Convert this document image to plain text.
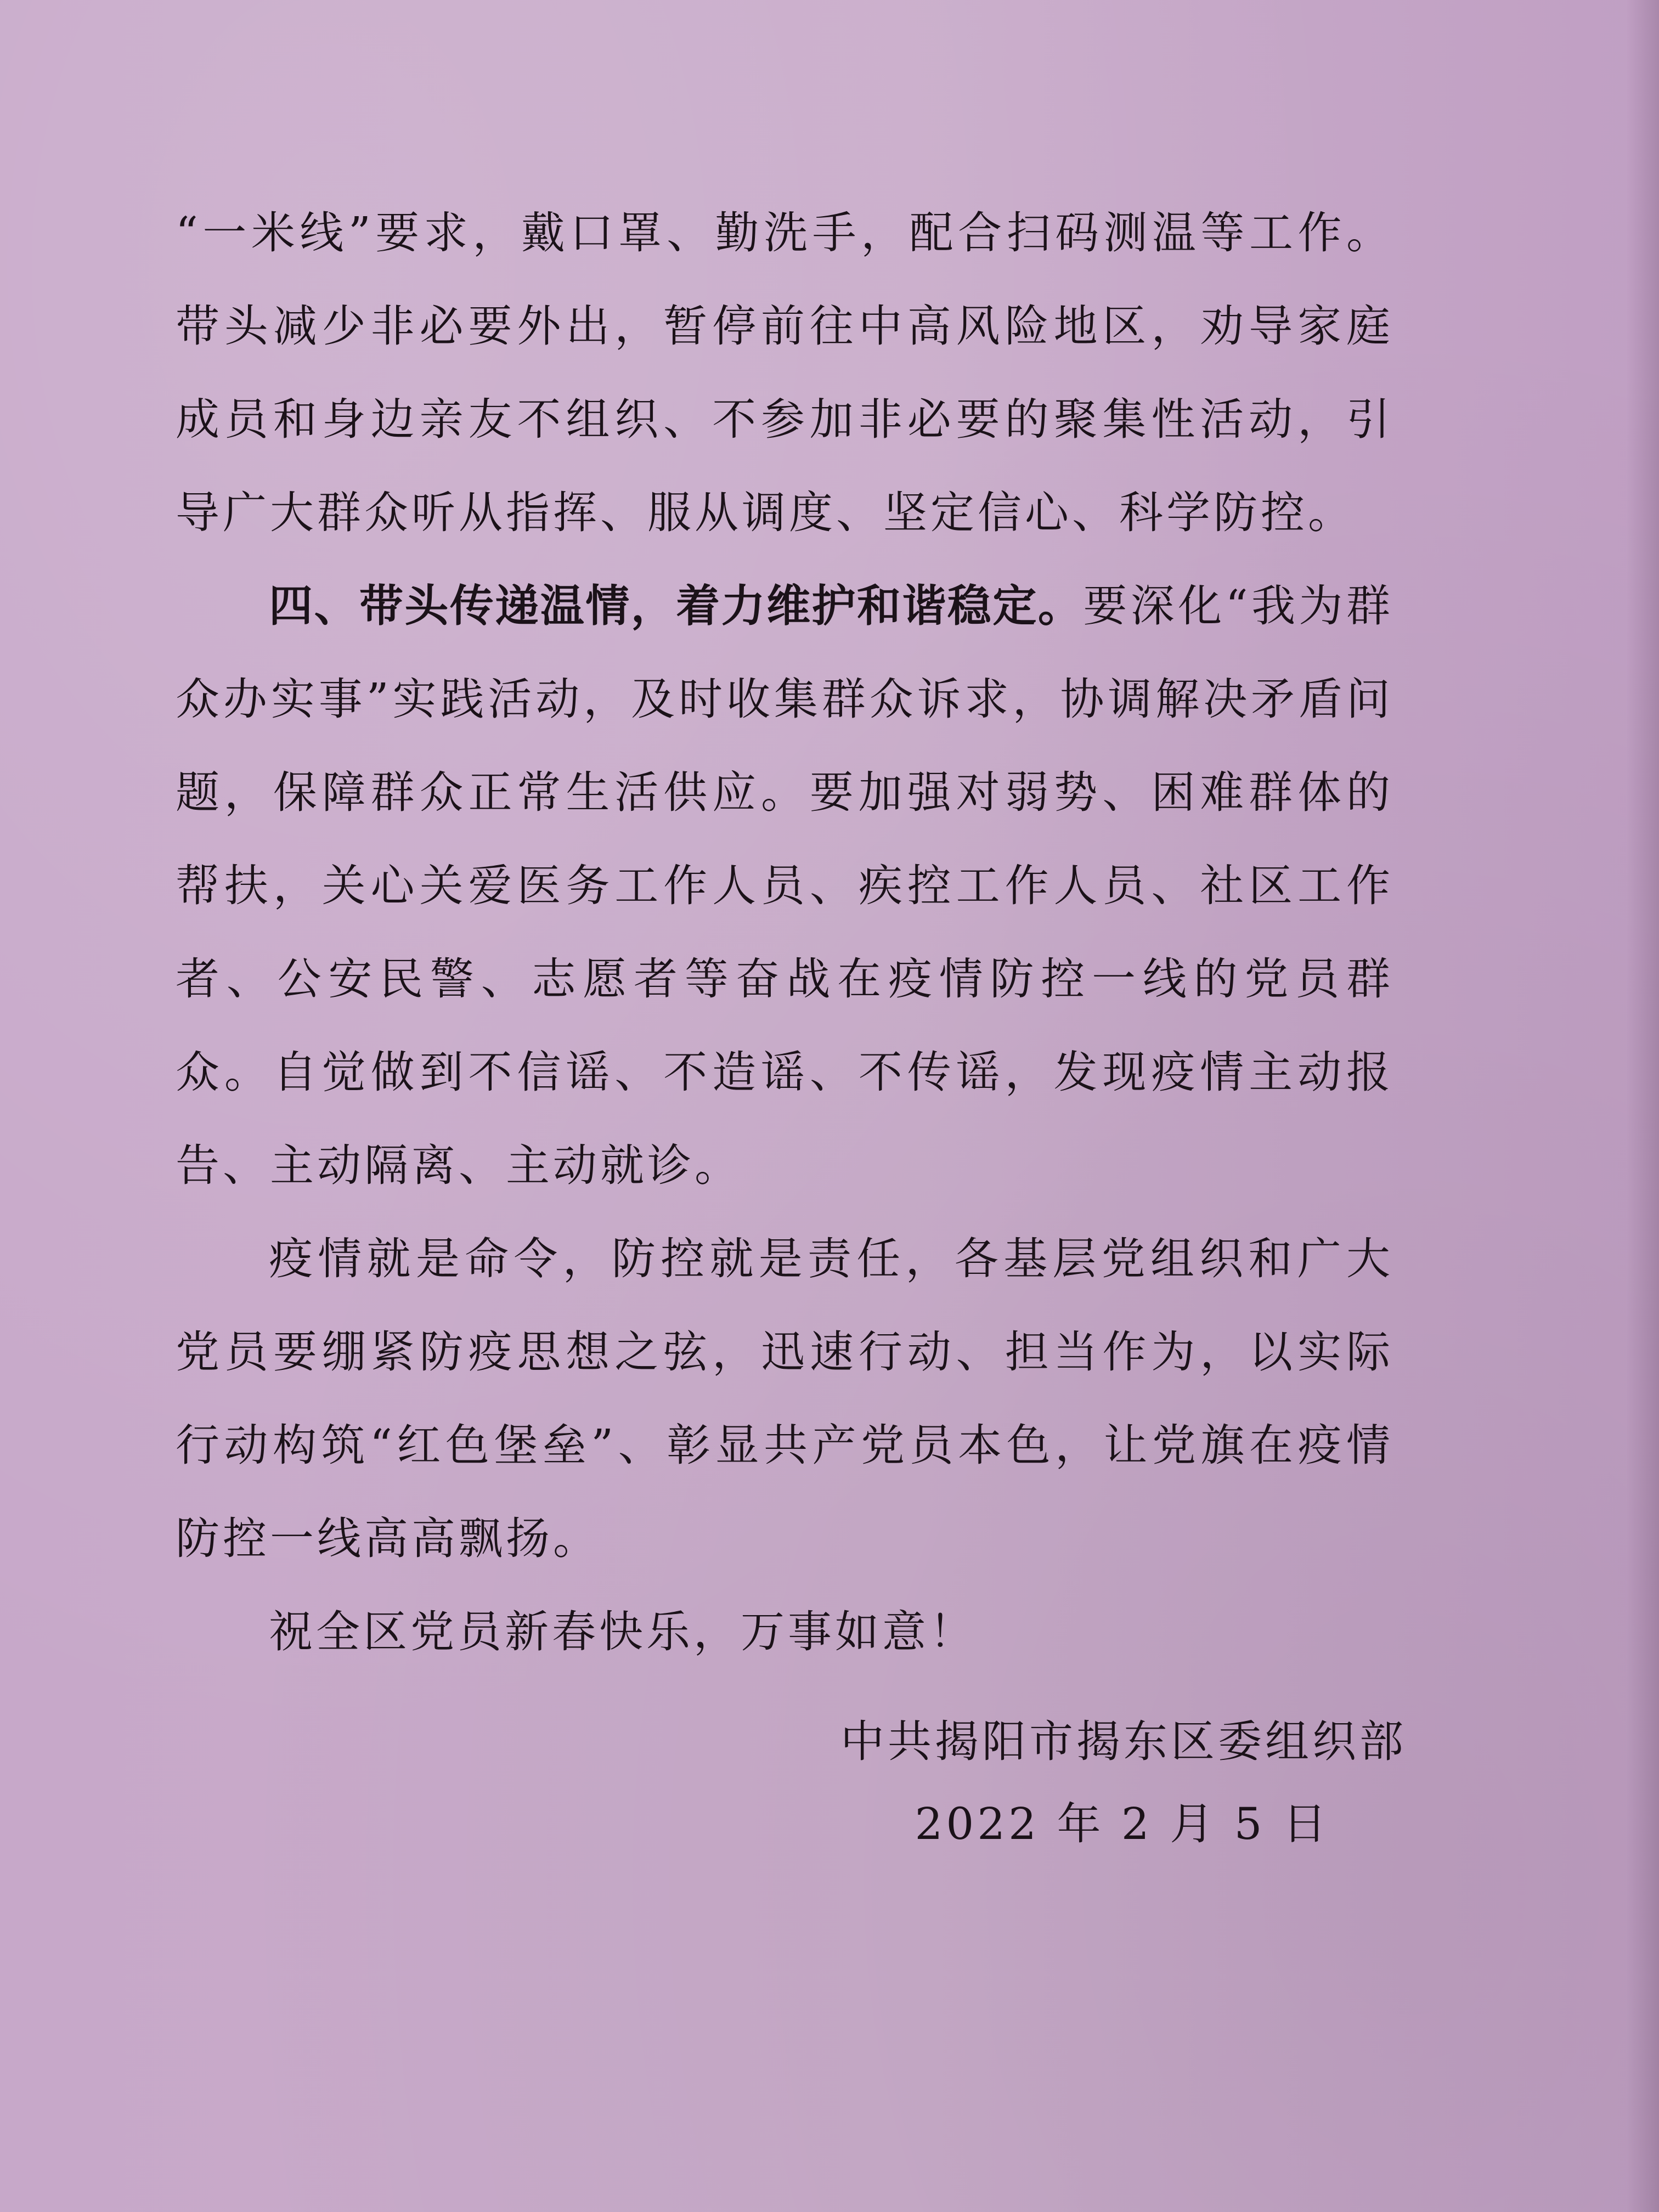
“一米线”要求，戴口罩、勤洗手，配合扫码测温等工作。带头减少非必要外出，暂停前往中高风险地区，劝导家庭成员和身边亲友不组织、不参加非必要的聚集性活动，引导广大群众听从指挥、服从调度、坚定信心、科学防控。

四、带头传递温情，着力维护和谐稳定。要深化“我为群众办实事”实践活动，及时收集群众诉求，协调解决矛盾问题，保障群众正常生活供应。要加强对弱势、困难群体的帮扶，关心关爱医务工作人员、疾控工作人员、社区工作者、公安民警、志愿者等奋战在疫情防控一线的党员群众。自觉做到不信谣、不造谣、不传谣，发现疫情主动报告、主动隔离、主动就诊。

疫情就是命令，防控就是责任，各基层党组织和广大党员要绷紧防疫思想之弦，迅速行动、担当作为，以实际行动构筑“红色堡垒”、彰显共产党员本色，让党旗在疫情防控一线高高飘扬。

祝全区党员新春快乐，万事如意！

中共揭阳市揭东区委组织部
2022 年 2 月 5 日
